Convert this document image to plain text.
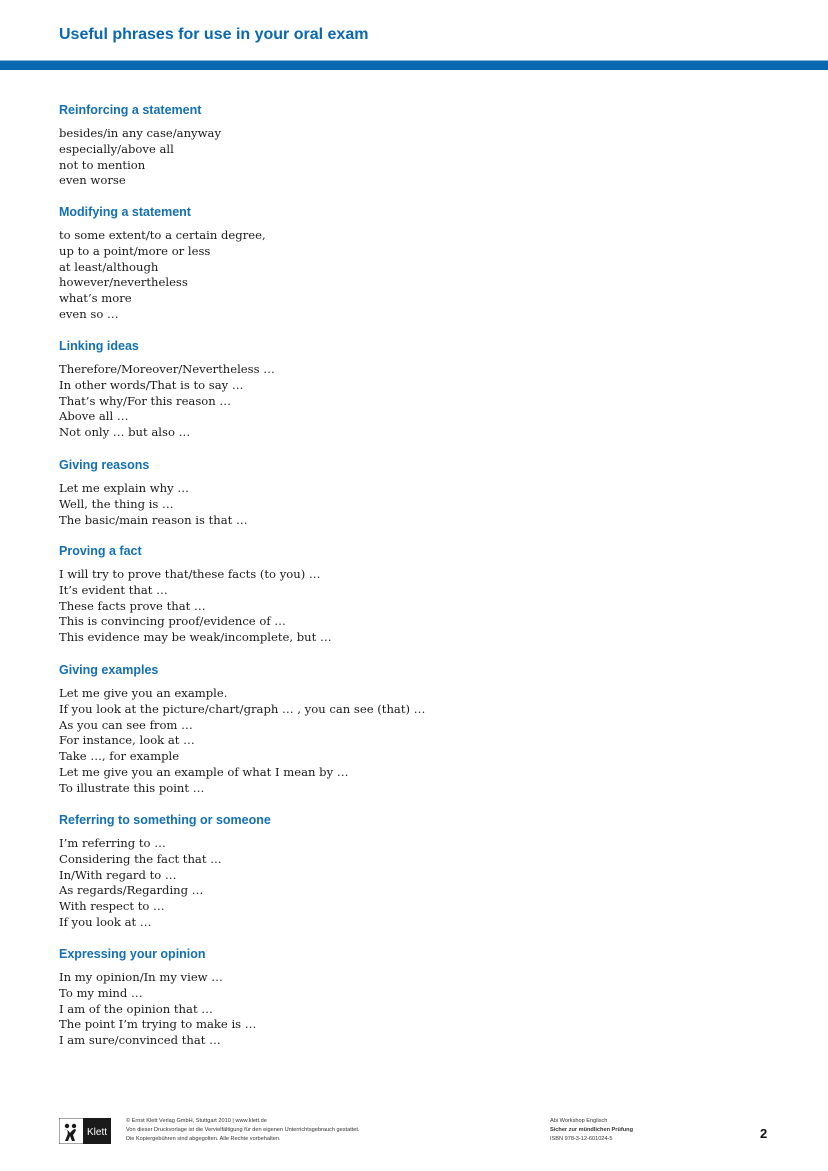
Useful phrases for use in your oral exam
Reinforcing a statement
besides/in any case/anyway
especially/above all
not to mention
even worse
Modifying a statement
to some extent/to a certain degree,
up to a point/more or less
at least/although
however/nevertheless
what’s more
even so …
Linking ideas
Therefore/Moreover/Nevertheless …
In other words/That is to say …
That’s why/For this reason …
Above all …
Not only … but also …
Giving reasons
Let me explain why …
Well, the thing is …
The basic/main reason is that …
Proving a fact
I will try to prove that/these facts (to you) …
It’s evident that …
These facts prove that …
This is convincing proof/evidence of …
This evidence may be weak/incomplete, but …
Giving examples
Let me give you an example.
If you look at the picture/chart/graph … , you can see (that) …
As you can see from …
For instance, look at …
Take …, for example
Let me give you an example of what I mean by …
To illustrate this point …
Referring to something or someone
I’m referring to …
Considering the fact that …
In/With regard to …
As regards/Regarding …
With respect to …
If you look at …
Expressing your opinion
In my opinion/In my view …
To my mind …
I am of the opinion that …
The point I’m trying to make is …
I am sure/convinced that …
Klett
© Ernst Klett Verlag GmbH, Stuttgart 2010 | www.klett.de
Von dieser Druckvorlage ist die Vervielfältigung für den eigenen Unterrichtsgebrauch gestattet.
Die Kopiergebühren sind abgegolten. Alle Rechte vorbehalten.
Abi Workshop Englisch
Sicher zur mündlichen Prüfung
ISBN 978-3-12-601024-5	2
